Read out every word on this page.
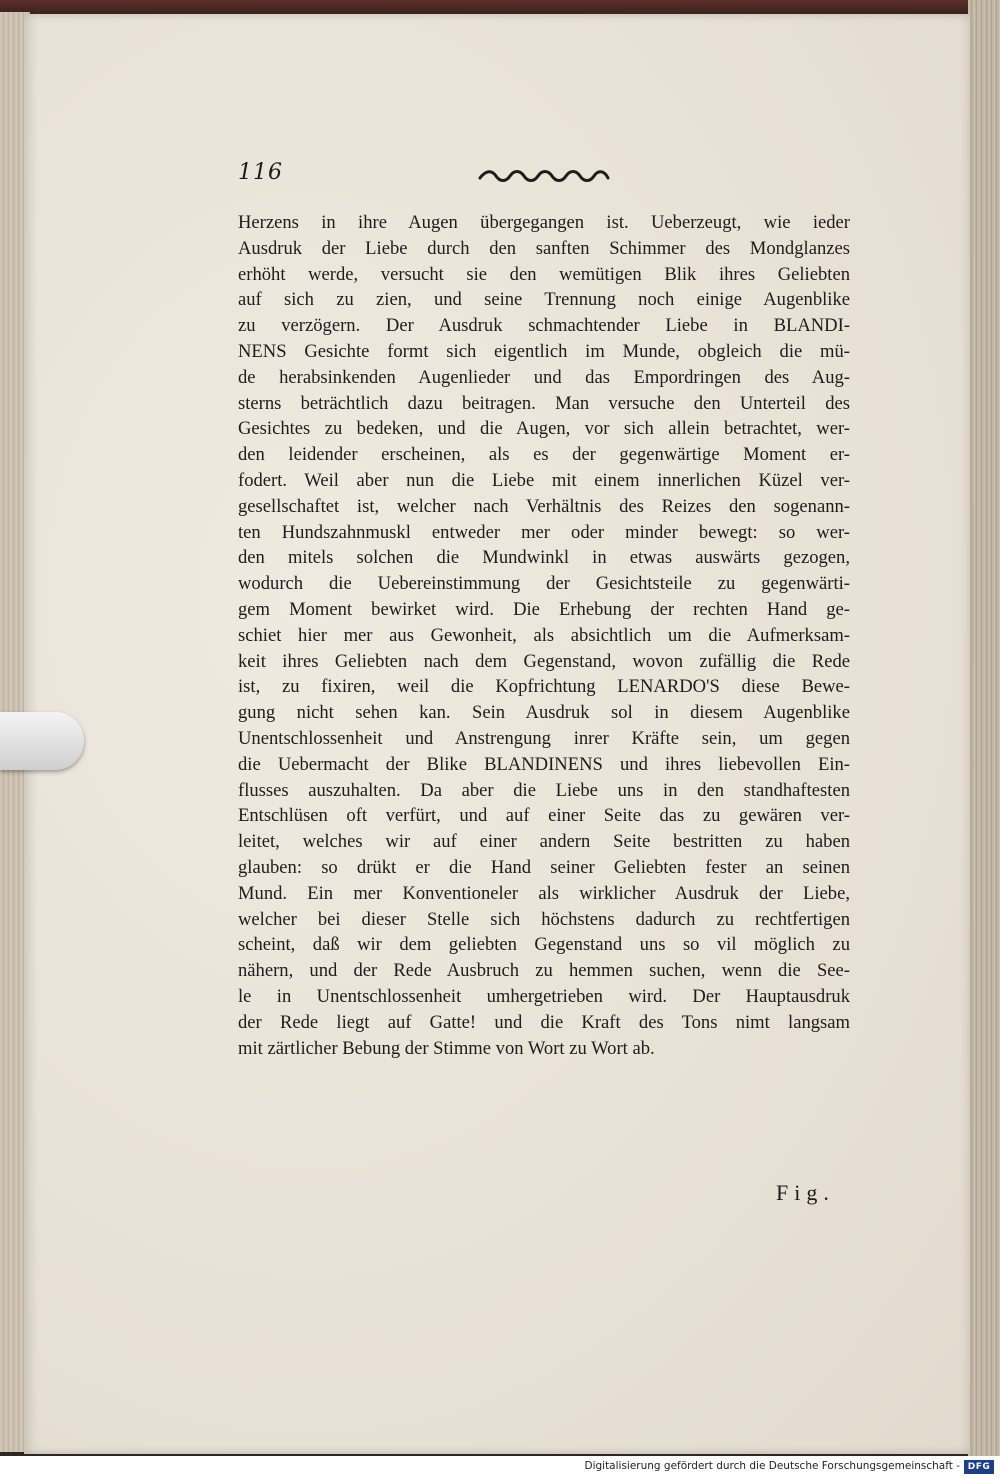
116
Herzens in ihre Augen übergegangen ist. Ueberzeugt, wie ieder
Ausdruk der Liebe durch den sanften Schimmer des Mondglanzes
erhöht werde, versucht sie den wemütigen Blik ihres Geliebten
auf sich zu zien, und seine Trennung noch einige Augenblike
zu verzögern. Der Ausdruk schmachtender Liebe in BLANDI-
NENS Gesichte formt sich eigentlich im Munde, obgleich die mü-
de herabsinkenden Augenlieder und das Empordringen des Aug-
sterns beträchtlich dazu beitragen. Man versuche den Unterteil des
Gesichtes zu bedeken, und die Augen, vor sich allein betrachtet, wer-
den leidender erscheinen, als es der gegenwärtige Moment er-
fodert. Weil aber nun die Liebe mit einem innerlichen Küzel ver-
gesellschaftet ist, welcher nach Verhältnis des Reizes den sogenann-
ten Hundszahnmuskl entweder mer oder minder bewegt: so wer-
den mitels solchen die Mundwinkl in etwas auswärts gezogen,
wodurch die Uebereinstimmung der Gesichtsteile zu gegenwärti-
gem Moment bewirket wird. Die Erhebung der rechten Hand ge-
schiet hier mer aus Gewonheit, als absichtlich um die Aufmerksam-
keit ihres Geliebten nach dem Gegenstand, wovon zufällig die Rede
ist, zu fixiren, weil die Kopfrichtung LENARDO'S diese Bewe-
gung nicht sehen kan. Sein Ausdruk sol in diesem Augenblike
Unentschlossenheit und Anstrengung inrer Kräfte sein, um gegen
die Uebermacht der Blike BLANDINENS und ihres liebevollen Ein-
flusses auszuhalten. Da aber die Liebe uns in den standhaftesten
Entschlüsen oft verfürt, und auf einer Seite das zu gewären ver-
leitet, welches wir auf einer andern Seite bestritten zu haben
glauben: so drükt er die Hand seiner Geliebten fester an seinen
Mund. Ein mer Konventioneler als wirklicher Ausdruk der Liebe,
welcher bei dieser Stelle sich höchstens dadurch zu rechtfertigen
scheint, daß wir dem geliebten Gegenstand uns so vil möglich zu
nähern, und der Rede Ausbruch zu hemmen suchen, wenn die See-
le in Unentschlossenheit umhergetrieben wird. Der Hauptausdruk
der Rede liegt auf Gatte! und die Kraft des Tons nimt langsam
mit zärtlicher Bebung der Stimme von Wort zu Wort ab.
Fig.
Digitalisierung gefördert durch die Deutsche Forschungsgemeinschaft - DFG
